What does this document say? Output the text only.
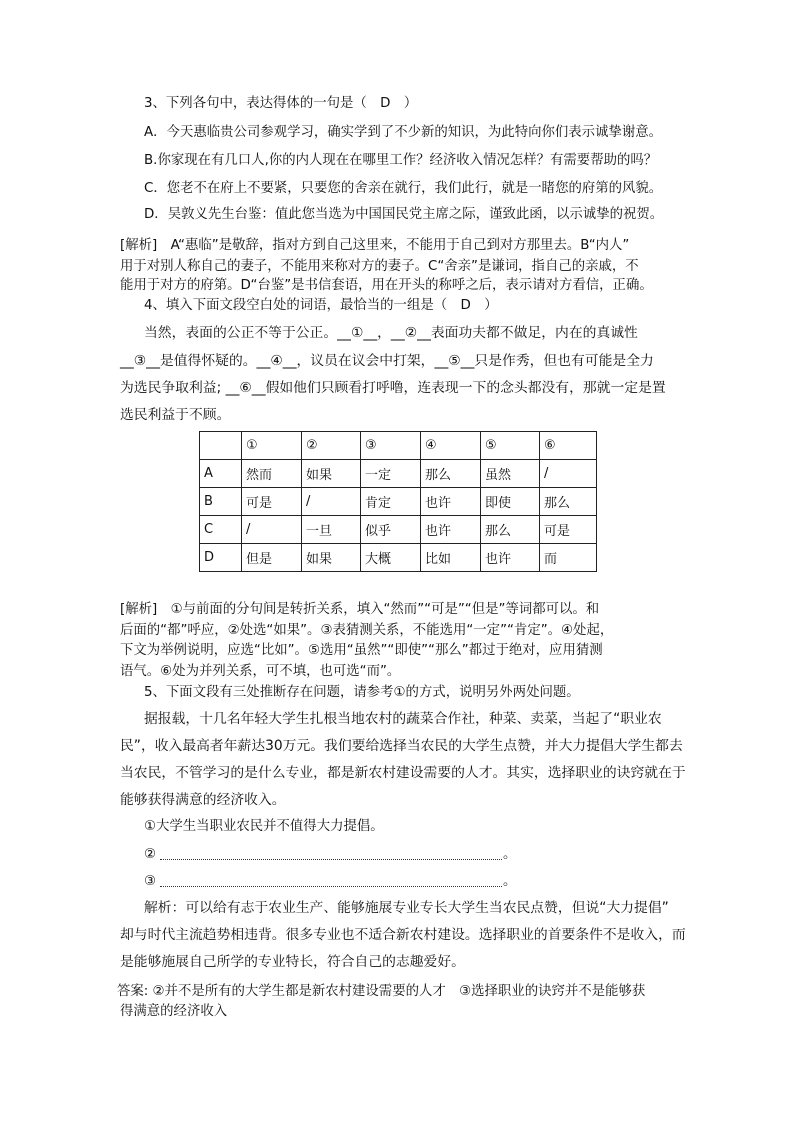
3、下列各句中，表达得体的一句是（　D　）
A．今天惠临贵公司参观学习，确实学到了不少新的知识，为此特向你们表示诚挚谢意。
B.你家现在有几口人,你的内人现在在哪里工作？经济收入情况怎样？有需要帮助的吗？
C．您老不在府上不要紧，只要您的舍亲在就行，我们此行，就是一睹您的府第的风貌。
D．吴敦义先生台鉴：值此您当选为中国国民党主席之际，谨致此函，以示诚挚的祝贺。
[解析]　A“惠临”是敬辞，指对方到自己这里来，不能用于自己到对方那里去。B“内人”
用于对别人称自己的妻子，不能用来称对方的妻子。C“舍亲”是谦词，指自己的亲戚，不
能用于对方的府第。D“台鉴”是书信套语，用在开头的称呼之后，表示请对方看信，正确。
4、填入下面文段空白处的词语，最恰当的一组是（　D　）
当然，表面的公正不等于公正。__①__，__②__表面功夫都不做足，内在的真诚性
__③__是值得怀疑的。__④__，议员在议会中打架，__⑤__只是作秀，但也有可能是全力
为选民争取利益; __⑥__假如他们只顾看打呼噜，连表现一下的念头都没有，那就一定是置
选民利益于不顾。
	①	②	③	④	⑤	⑥
A	然而	如果	一定	那么	虽然	/
B	可是	/	肯定	也许	即使	那么
C	/	一旦	似乎	也许	那么	可是
D	但是	如果	大概	比如	也许	而
[解析]　①与前面的分句间是转折关系，填入“然而”“可是”“但是”等词都可以。和
后面的“都”呼应，②处选“如果”。③表猜测关系，不能选用“一定”“肯定”。④处起，
下文为举例说明，应选“比如”。⑤选用“虽然”“即使”“那么”都过于绝对，应用猜测
语气。⑥处为并列关系，可不填，也可选“而”。
5、下面文段有三处推断存在问题，请参考①的方式，说明另外两处问题。
据报载，十几名年轻大学生扎根当地农村的蔬菜合作社，种菜、卖菜，当起了“职业农
民”，收入最高者年薪达30万元。我们要给选择当农民的大学生点赞，并大力提倡大学生都去
当农民，不管学习的是什么专业，都是新农村建设需要的人才。其实，选择职业的诀窍就在于
能够获得满意的经济收入。
①大学生当职业农民并不值得大力提倡。
②	。
③	。
解析：可以给有志于农业生产、能够施展专业专长大学生当农民点赞，但说“大力提倡”
却与时代主流趋势相违背。很多专业也不适合新农村建设。选择职业的首要条件不是收入，而
是能够施展自己所学的专业特长，符合自己的志趣爱好。
答案: ②并不是所有的大学生都是新农村建设需要的人才　③选择职业的诀窍并不是能够获
得满意的经济收入
